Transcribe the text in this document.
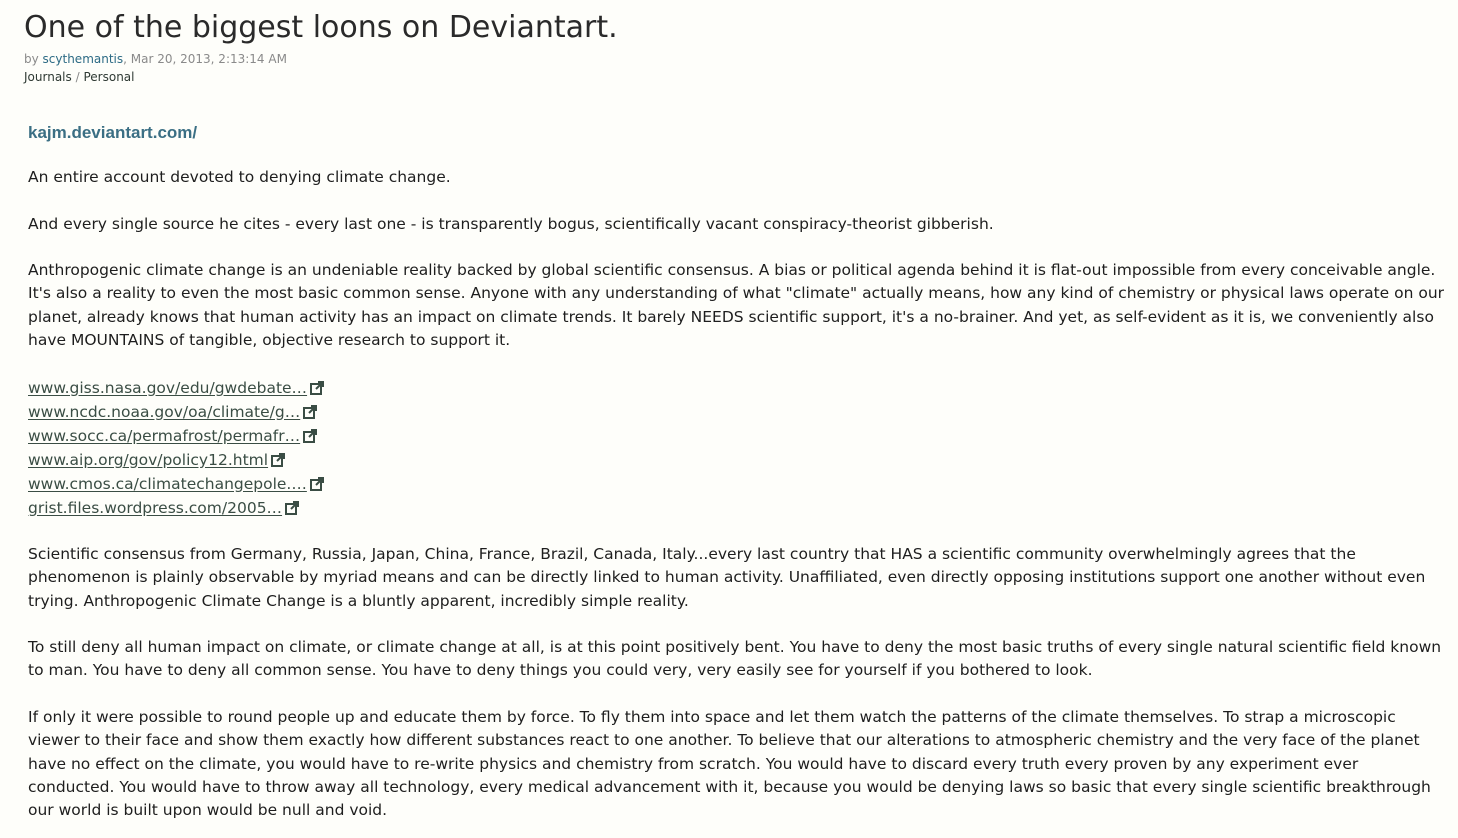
One of the biggest loons on Deviantart.
by scythemantis, Mar 20, 2013, 2:13:14 AM
Journals / Personal
kajm.deviantart.com/

An entire account devoted to denying climate change.

And every single source he cites - every last one - is transparently bogus, scientifically vacant conspiracy-theorist gibberish.

Anthropogenic climate change is an undeniable reality backed by global scientific consensus. A bias or political agenda behind it is flat-out impossible from every conceivable angle. It's also a reality to even the most basic common sense. Anyone with any understanding of what "climate" actually means, how any kind of chemistry or physical laws operate on our planet, already knows that human activity has an impact on climate trends. It barely NEEDS scientific support, it's a no-brainer. And yet, as self-evident as it is, we conveniently also have MOUNTAINS of tangible, objective research to support it.

www.giss.nasa.gov/edu/gwdebate…
www.ncdc.noaa.gov/oa/climate/g…
www.socc.ca/permafrost/permafr…
www.aip.org/gov/policy12.html
www.cmos.ca/climatechangepole.…
grist.files.wordpress.com/2005…

Scientific consensus from Germany, Russia, Japan, China, France, Brazil, Canada, Italy...every last country that HAS a scientific community overwhelmingly agrees that the phenomenon is plainly observable by myriad means and can be directly linked to human activity. Unaffiliated, even directly opposing institutions support one another without even trying. Anthropogenic Climate Change is a bluntly apparent, incredibly simple reality.

To still deny all human impact on climate, or climate change at all, is at this point positively bent. You have to deny the most basic truths of every single natural scientific field known to man. You have to deny all common sense. You have to deny things you could very, very easily see for yourself if you bothered to look.

If only it were possible to round people up and educate them by force. To fly them into space and let them watch the patterns of the climate themselves. To strap a microscopic viewer to their face and show them exactly how different substances react to one another. To believe that our alterations to atmospheric chemistry and the very face of the planet have no effect on the climate, you would have to re-write physics and chemistry from scratch. You would have to discard every truth every proven by any experiment ever conducted. You would have to throw away all technology, every medical advancement with it, because you would be denying laws so basic that every single scientific breakthrough our world is built upon would be null and void.
